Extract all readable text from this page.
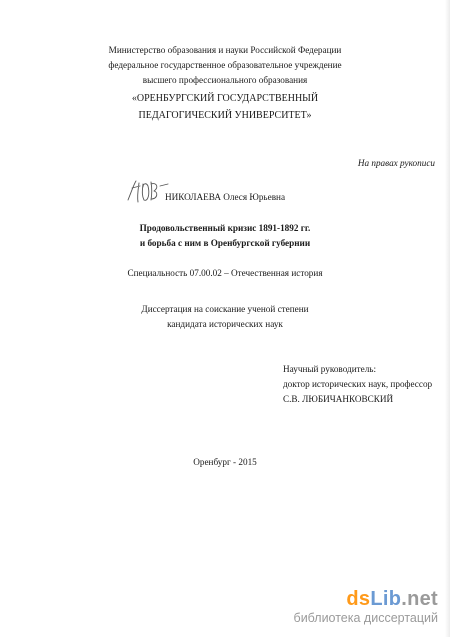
Министерство образования и науки Российской Федерации
федеральное государственное образовательное учреждение
высшего профессионального образования
«ОРЕНБУРГСКИЙ ГОСУДАРСТВЕННЫЙ
ПЕДАГОГИЧЕСКИЙ УНИВЕРСИТЕТ»
На правах рукописи
НИКОЛАЕВА Олеся Юрьевна
Продовольственный кризис 1891-1892 гг.
и борьба с ним в Оренбургской губернии
Специальность 07.00.02 – Отечественная история
Диссертация на соискание ученой степени
кандидата исторических наук
Научный руководитель:
доктор исторических наук, профессор
С.В. ЛЮБИЧАНКОВСКИЙ
Оренбург - 2015
dsLib.net
библиотека диссертаций
